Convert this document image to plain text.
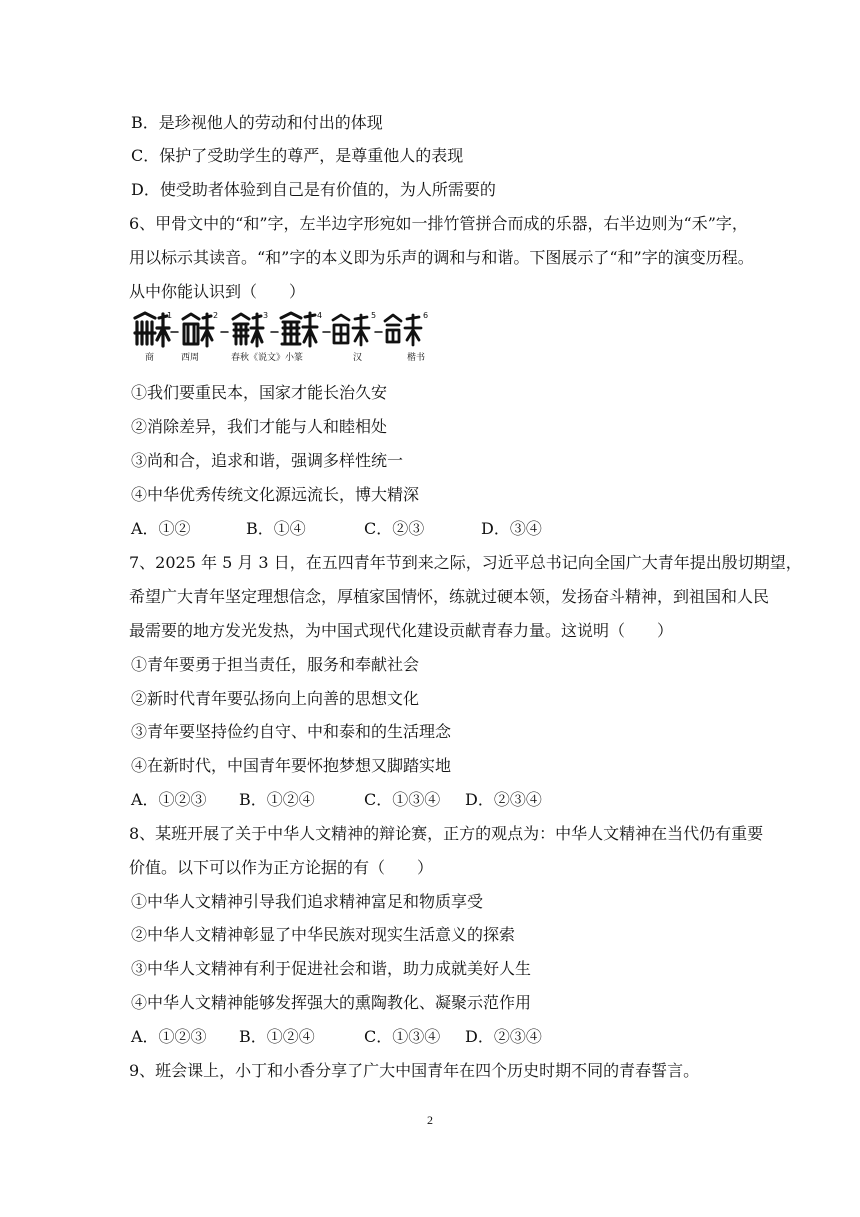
B．是珍视他人的劳动和付出的体现
C．保护了受助学生的尊严，是尊重他人的表现
D．使受助者体验到自己是有价值的，为人所需要的
6、甲骨文中的“和”字，左半边字形宛如一排竹管拼合而成的乐器，右半边则为“禾”字，
用以标示其读音。“和”字的本义即为乐声的调和与和谐。下图展示了“和”字的演变历程。
从中你能认识到（　　）
1	2	3	4	5	6
商	西周	春秋《说文》小篆	汉	楷书
①我们要重民本，国家才能长治久安
②消除差异，我们才能与人和睦相处
③尚和合，追求和谐，强调多样性统一
④中华优秀传统文化源远流长，博大精深
A．①②	B．①④	C．②③	D．③④
7、2025 年 5 月 3 日，在五四青年节到来之际，习近平总书记向全国广大青年提出殷切期望，
希望广大青年坚定理想信念，厚植家国情怀，练就过硬本领，发扬奋斗精神，到祖国和人民
最需要的地方发光发热，为中国式现代化建设贡献青春力量。这说明（　　）
①青年要勇于担当责任，服务和奉献社会
②新时代青年要弘扬向上向善的思想文化
③青年要坚持俭约自守、中和泰和的生活理念
④在新时代，中国青年要怀抱梦想又脚踏实地
A．①②③ B．①②④	C．①③④ D．②③④
8、某班开展了关于中华人文精神的辩论赛，正方的观点为：中华人文精神在当代仍有重要
价值。以下可以作为正方论据的有（　　）
①中华人文精神引导我们追求精神富足和物质享受
②中华人文精神彰显了中华民族对现实生活意义的探索
③中华人文精神有利于促进社会和谐，助力成就美好人生
④中华人文精神能够发挥强大的熏陶教化、凝聚示范作用
A．①②③ B．①②④	C．①③④ D．②③④
9、班会课上，小丁和小香分享了广大中国青年在四个历史时期不同的青春誓言。
2
